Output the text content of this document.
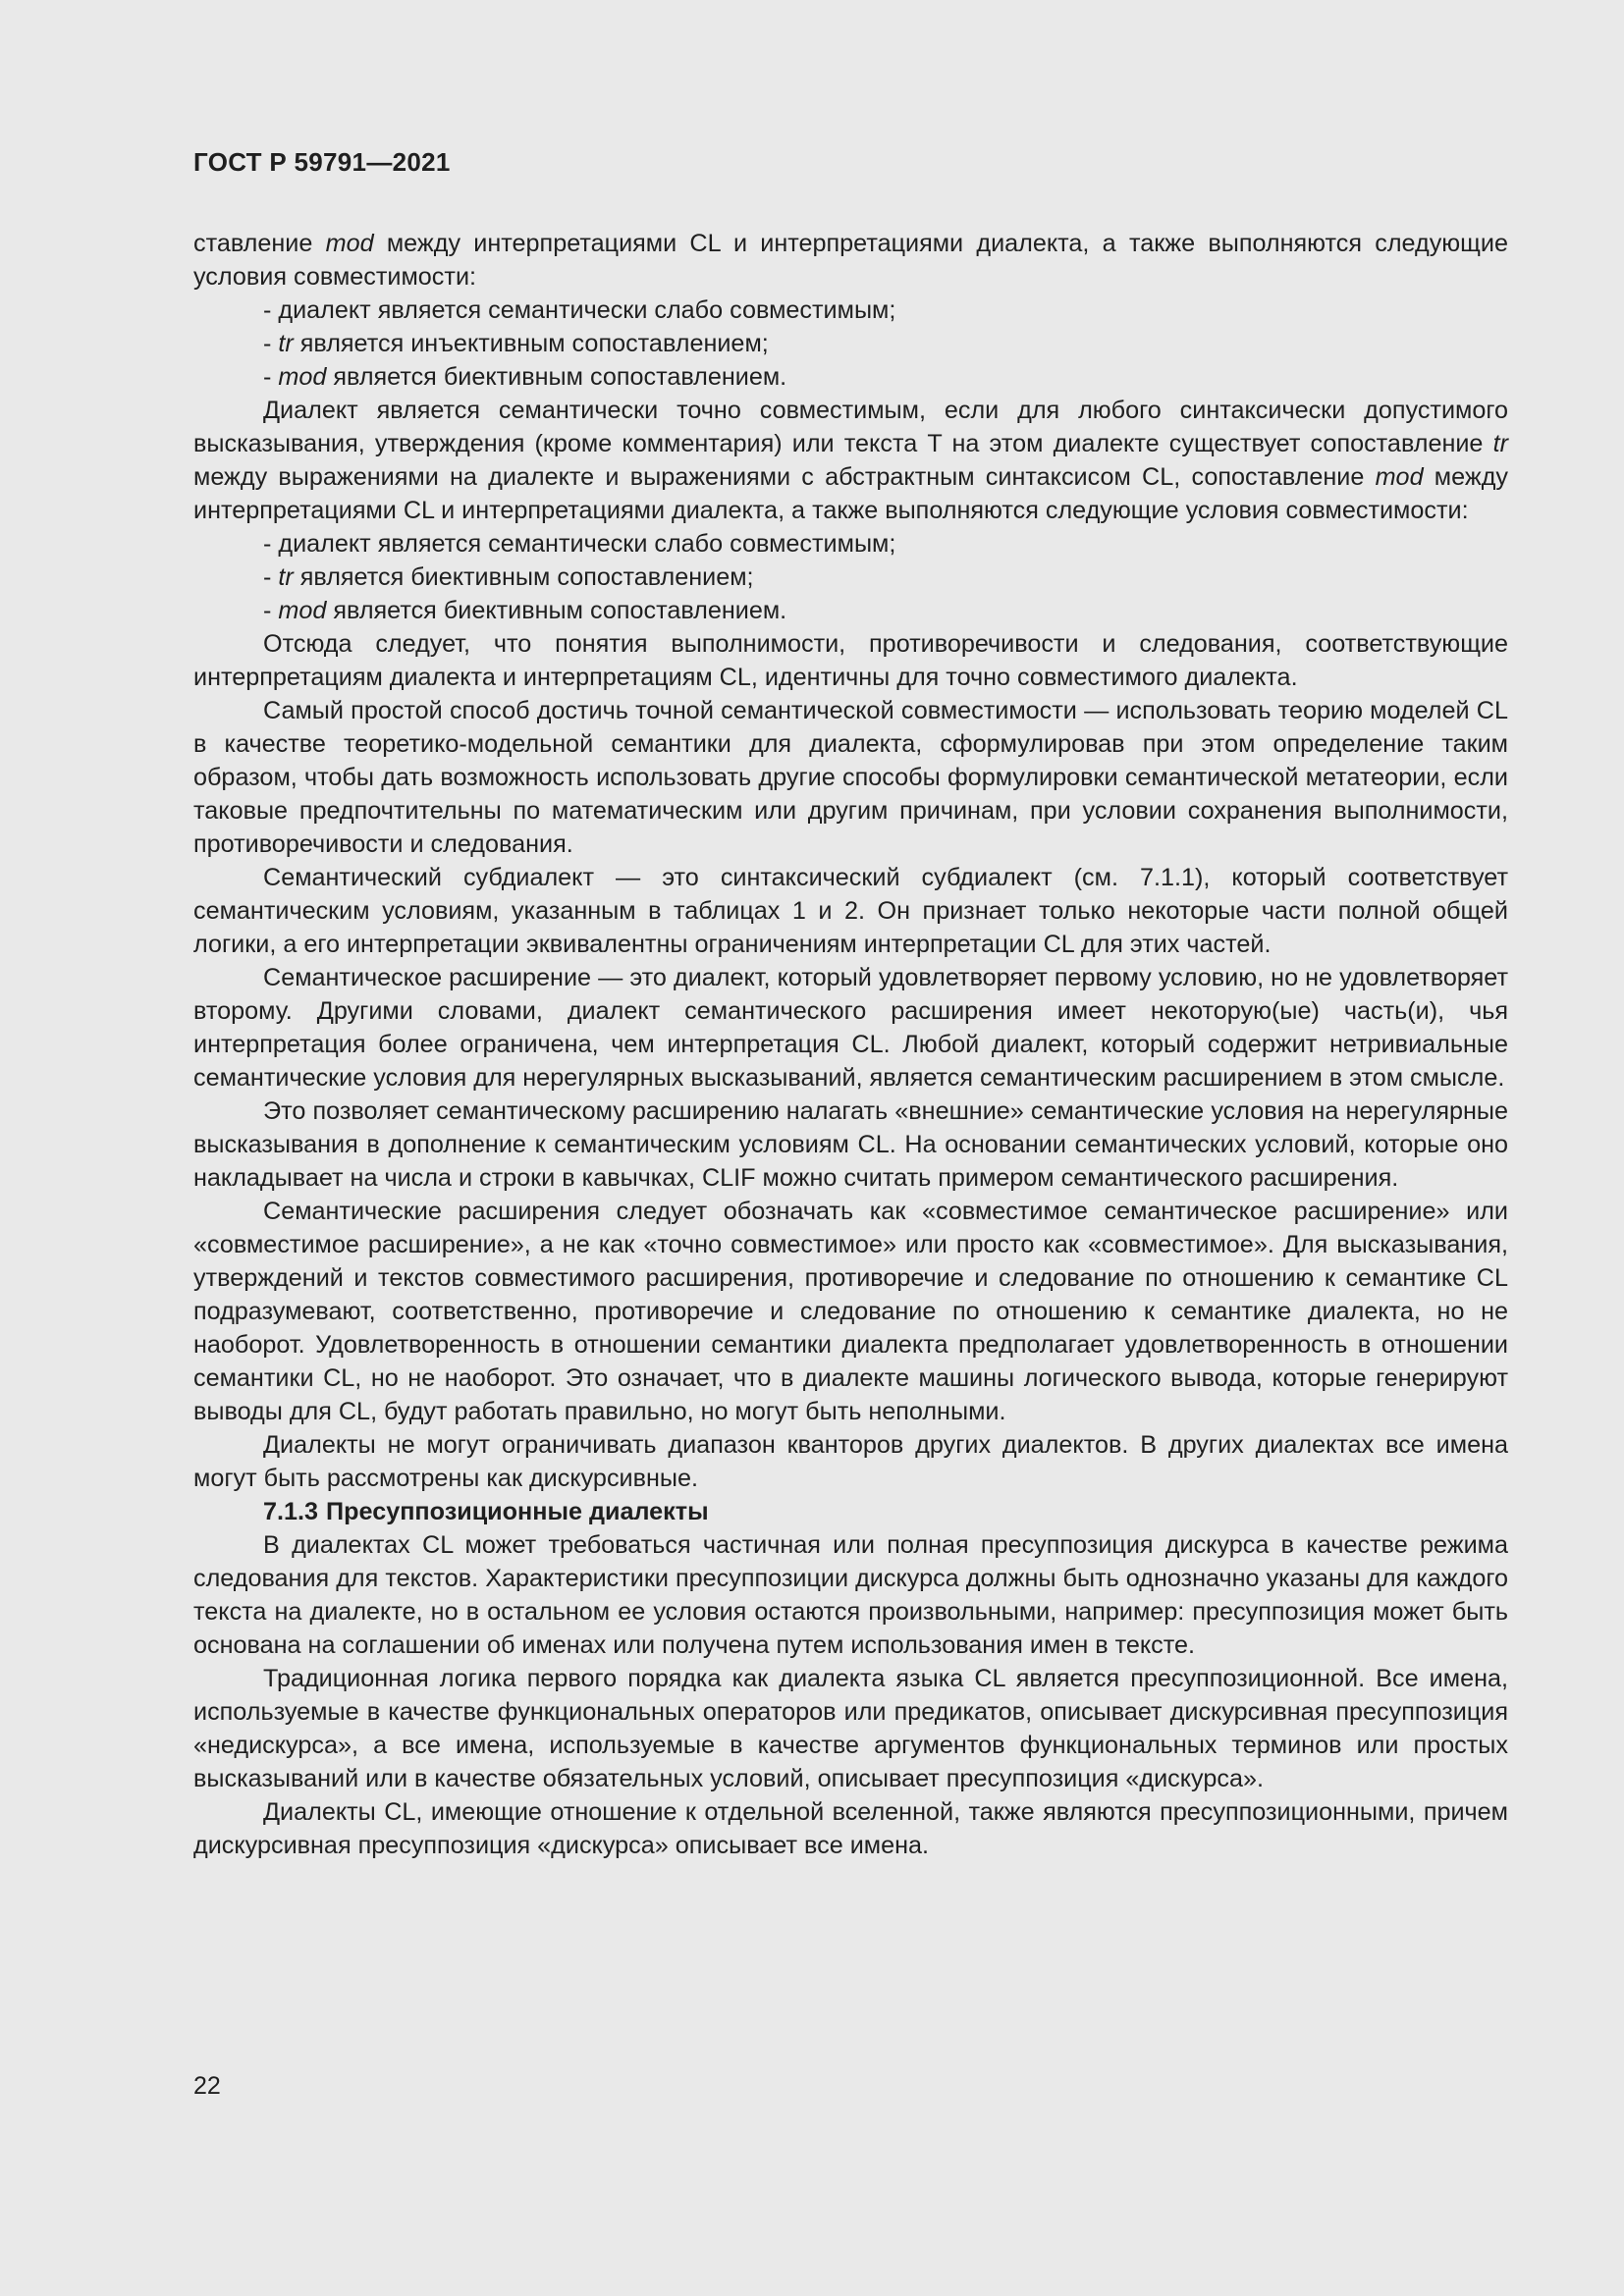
ГОСТ Р 59791—2021

ставление mod между интерпретациями CL и интерпретациями диалекта, а также выполняются следующие условия совместимости:

- диалект является семантически слабо совместимым;

- tr является инъективным сопоставлением;

- mod является биективным сопоставлением.

Диалект является семантически точно совместимым, если для любого синтаксически допустимого высказывания, утверждения (кроме комментария) или текста T на этом диалекте существует сопоставление tr между выражениями на диалекте и выражениями с абстрактным синтаксисом CL, сопоставление mod между интерпретациями CL и интерпретациями диалекта, а также выполняются следующие условия совместимости:

- диалект является семантически слабо совместимым;

- tr является биективным сопоставлением;

- mod является биективным сопоставлением.

Отсюда следует, что понятия выполнимости, противоречивости и следования, соответствующие интерпретациям диалекта и интерпретациям CL, идентичны для точно совместимого диалекта.

Самый простой способ достичь точной семантической совместимости — использовать теорию моделей CL в качестве теоретико-модельной семантики для диалекта, сформулировав при этом определение таким образом, чтобы дать возможность использовать другие способы формулировки семантической метатеории, если таковые предпочтительны по математическим или другим причинам, при условии сохранения выполнимости, противоречивости и следования.

Семантический субдиалект — это синтаксический субдиалект (см. 7.1.1), который соответствует семантическим условиям, указанным в таблицах 1 и 2. Он признает только некоторые части полной общей логики, а его интерпретации эквивалентны ограничениям интерпретации CL для этих частей.

Семантическое расширение — это диалект, который удовлетворяет первому условию, но не удовлетворяет второму. Другими словами, диалект семантического расширения имеет некоторую(ые) часть(и), чья интерпретация более ограничена, чем интерпретация CL. Любой диалект, который содержит нетривиальные семантические условия для нерегулярных высказываний, является семантическим расширением в этом смысле.

Это позволяет семантическому расширению налагать «внешние» семантические условия на нерегулярные высказывания в дополнение к семантическим условиям CL. На основании семантических условий, которые оно накладывает на числа и строки в кавычках, CLIF можно считать примером семантического расширения.

Семантические расширения следует обозначать как «совместимое семантическое расширение» или «совместимое расширение», а не как «точно совместимое» или просто как «совместимое». Для высказывания, утверждений и текстов совместимого расширения, противоречие и следование по отношению к семантике CL подразумевают, соответственно, противоречие и следование по отношению к семантике диалекта, но не наоборот. Удовлетворенность в отношении семантики диалекта предполагает удовлетворенность в отношении семантики CL, но не наоборот. Это означает, что в диалекте машины логического вывода, которые генерируют выводы для CL, будут работать правильно, но могут быть неполными.

Диалекты не могут ограничивать диапазон кванторов других диалектов. В других диалектах все имена могут быть рассмотрены как дискурсивные.

7.1.3 Пресуппозиционные диалекты

В диалектах CL может требоваться частичная или полная пресуппозиция дискурса в качестве режима следования для текстов. Характеристики пресуппозиции дискурса должны быть однозначно указаны для каждого текста на диалекте, но в остальном ее условия остаются произвольными, например: пресуппозиция может быть основана на соглашении об именах или получена путем использования имен в тексте.

Традиционная логика первого порядка как диалекта языка CL является пресуппозиционной. Все имена, используемые в качестве функциональных операторов или предикатов, описывает дискурсивная пресуппозиция «недискурса», а все имена, используемые в качестве аргументов функциональных терминов или простых высказываний или в качестве обязательных условий, описывает пресуппозиция «дискурса».

Диалекты CL, имеющие отношение к отдельной вселенной, также являются пресуппозиционными, причем дискурсивная пресуппозиция «дискурса» описывает все имена.

22
